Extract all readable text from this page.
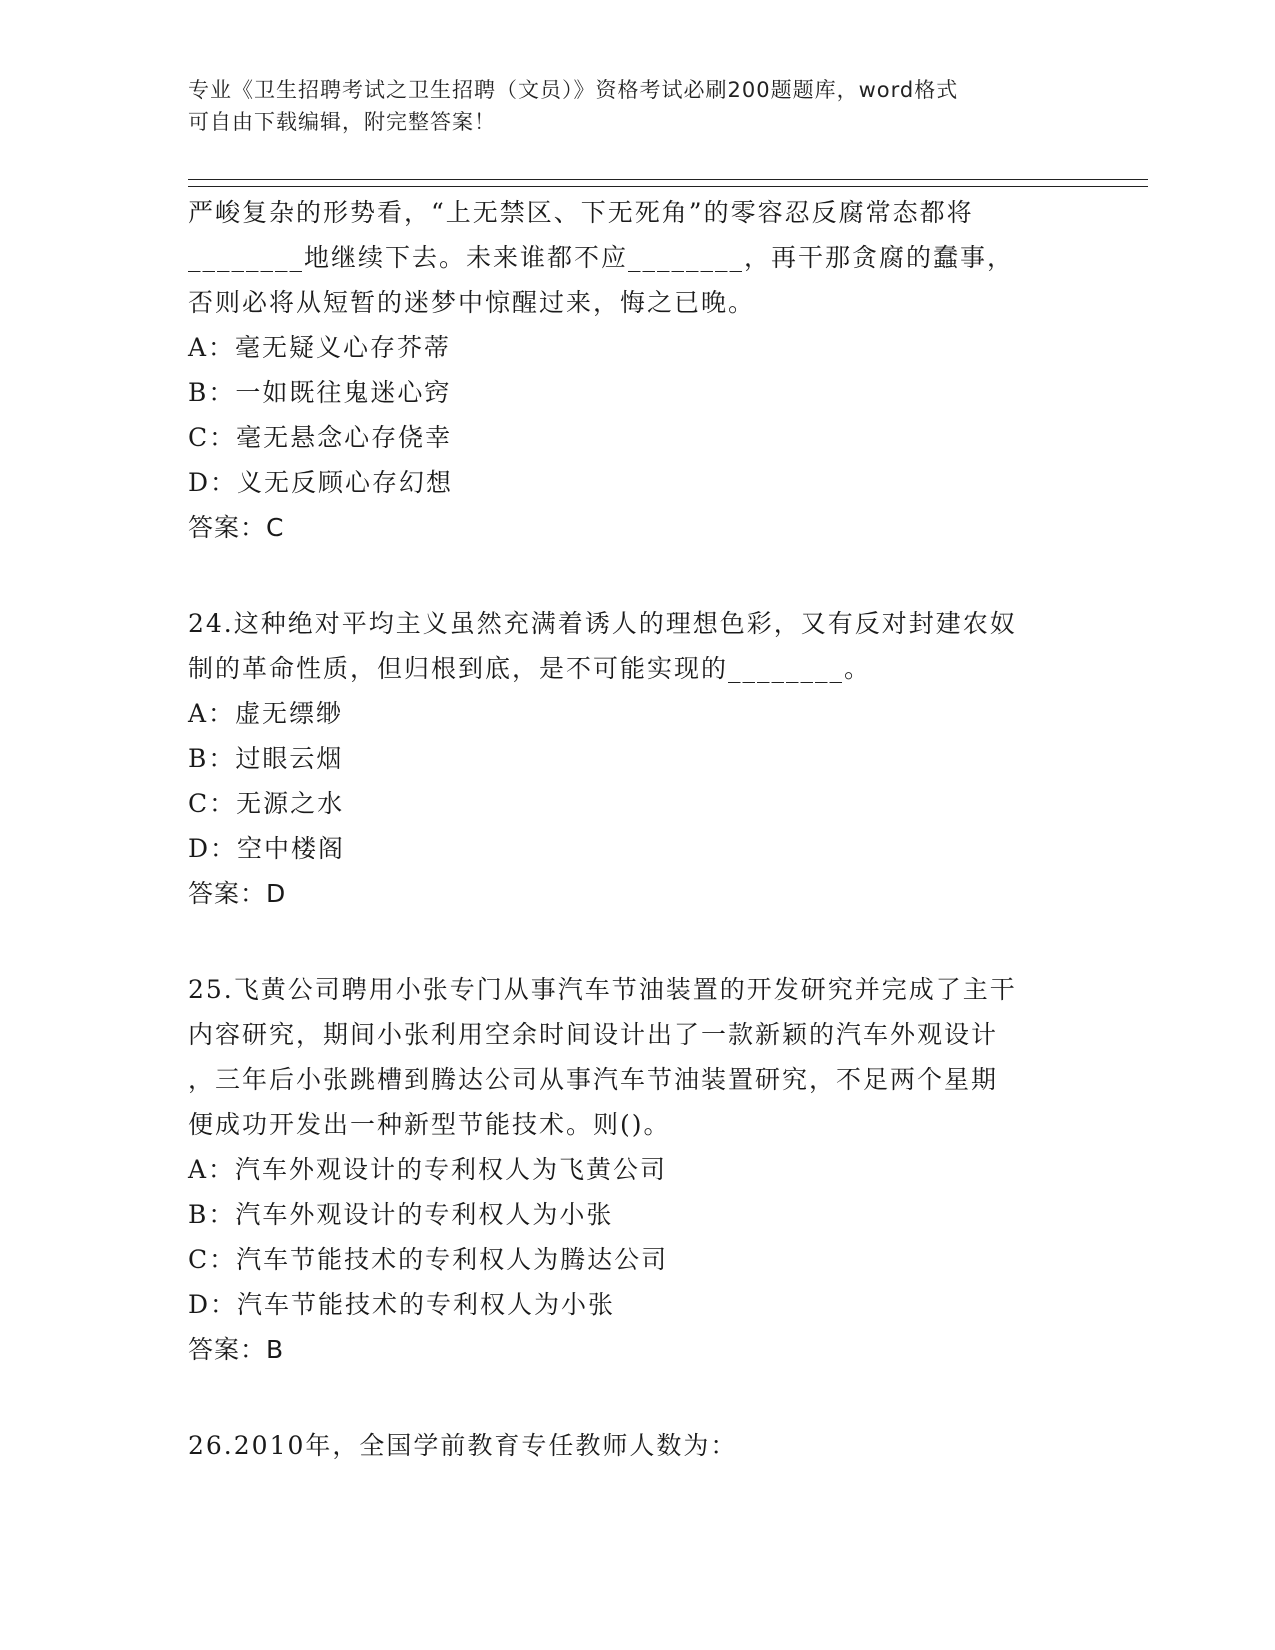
专业《卫生招聘考试之卫生招聘（文员）》资格考试必刷200题题库，word格式
可自由下载编辑，附完整答案！

严峻复杂的形势看，“上无禁区、下无死角”的零容忍反腐常态都将

________地继续下去。未来谁都不应________，再干那贪腐的蠢事，

否则必将从短暂的迷梦中惊醒过来，悔之已晚。

A：毫无疑义心存芥蒂

B：一如既往鬼迷心窍

C：毫无悬念心存侥幸

D：义无反顾心存幻想

答案：C

24.这种绝对平均主义虽然充满着诱人的理想色彩，又有反对封建农奴

制的革命性质，但归根到底，是不可能实现的________。

A：虚无缥缈

B：过眼云烟

C：无源之水

D：空中楼阁

答案：D

25.飞黄公司聘用小张专门从事汽车节油装置的开发研究并完成了主干

内容研究，期间小张利用空余时间设计出了一款新颖的汽车外观设计

，三年后小张跳槽到腾达公司从事汽车节油装置研究，不足两个星期

便成功开发出一种新型节能技术。则()。

A：汽车外观设计的专利权人为飞黄公司

B：汽车外观设计的专利权人为小张

C：汽车节能技术的专利权人为腾达公司

D：汽车节能技术的专利权人为小张

答案：B

26.2010年，全国学前教育专任教师人数为：
